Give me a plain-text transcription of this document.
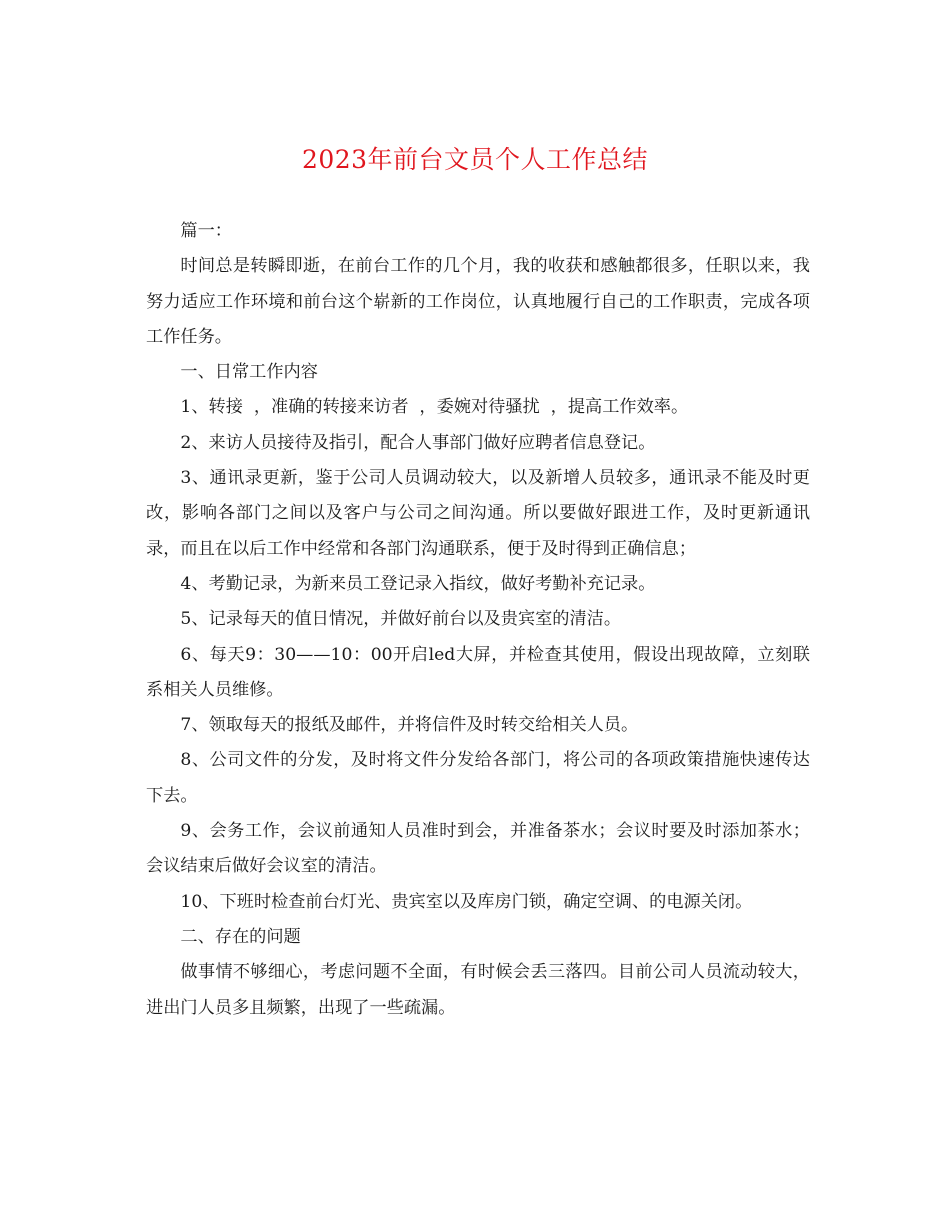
2023年前台文员个人工作总结

篇一：

时间总是转瞬即逝，在前台工作的几个月，我的收获和感触都很多，任职以来，我努力适应工作环境和前台这个崭新的工作岗位，认真地履行自己的工作职责，完成各项工作任务。

一、日常工作内容

1、转接  ，准确的转接来访者  ，委婉对待骚扰  ，提高工作效率。

2、来访人员接待及指引，配合人事部门做好应聘者信息登记。

3、通讯录更新，鉴于公司人员调动较大，以及新增人员较多，通讯录不能及时更改，影响各部门之间以及客户与公司之间沟通。所以要做好跟进工作，及时更新通讯录，而且在以后工作中经常和各部门沟通联系，便于及时得到正确信息；

4、考勤记录，为新来员工登记录入指纹，做好考勤补充记录。

5、记录每天的值日情况，并做好前台以及贵宾室的清洁。

6、每天9：30——10：00开启led大屏，并检查其使用，假设出现故障，立刻联系相关人员维修。

7、领取每天的报纸及邮件，并将信件及时转交给相关人员。

8、公司文件的分发，及时将文件分发给各部门，将公司的各项政策措施快速传达下去。

9、会务工作，会议前通知人员准时到会，并准备茶水；会议时要及时添加茶水；会议结束后做好会议室的清洁。

10、下班时检查前台灯光、贵宾室以及库房门锁，确定空调、的电源关闭。

二、存在的问题

做事情不够细心，考虑问题不全面，有时候会丢三落四。目前公司人员流动较大，进出门人员多且频繁，出现了一些疏漏。
